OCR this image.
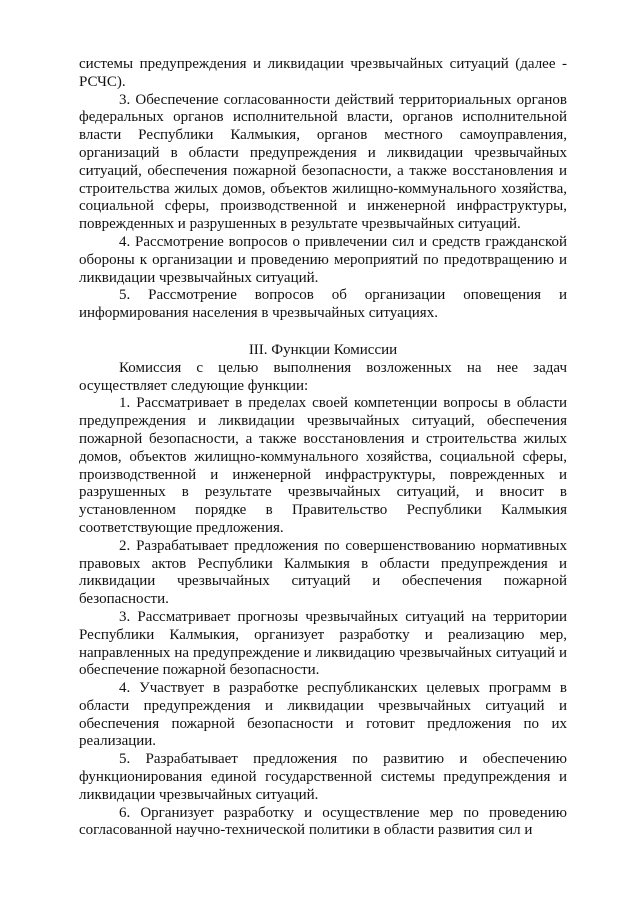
системы предупреждения и ликвидации чрезвычайных ситуаций (далее - РСЧС).

3. Обеспечение согласованности действий территориальных органов федеральных органов исполнительной власти, органов исполнительной власти Республики Калмыкия, органов местного самоуправления, организаций в области предупреждения и ликвидации чрезвычайных ситуаций, обеспечения пожарной безопасности, а также восстановления и строительства жилых домов, объектов жилищно-коммунального хозяйства, социальной сферы, производственной и инженерной инфраструктуры, поврежденных и разрушенных в результате чрезвычайных ситуаций.

4. Рассмотрение вопросов о привлечении сил и средств гражданской обороны к организации и проведению мероприятий по предотвращению и ликвидации чрезвычайных ситуаций.

5. Рассмотрение вопросов об организации оповещения и информирования населения в чрезвычайных ситуациях.

III. Функции Комиссии

Комиссия с целью выполнения возложенных на нее задач осуществляет следующие функции:

1. Рассматривает в пределах своей компетенции вопросы в области предупреждения и ликвидации чрезвычайных ситуаций, обеспечения пожарной безопасности, а также восстановления и строительства жилых домов, объектов жилищно-коммунального хозяйства, социальной сферы, производственной и инженерной инфраструктуры, поврежденных и разрушенных в результате чрезвычайных ситуаций, и вносит в установленном порядке в Правительство Республики Калмыкия соответствующие предложения.

2. Разрабатывает предложения по совершенствованию нормативных правовых актов Республики Калмыкия в области предупреждения и ликвидации чрезвычайных ситуаций и обеспечения пожарной безопасности.

3. Рассматривает прогнозы чрезвычайных ситуаций на территории Республики Калмыкия, организует разработку и реализацию мер, направленных на предупреждение и ликвидацию чрезвычайных ситуаций и обеспечение пожарной безопасности.

4. Участвует в разработке республиканских целевых программ в области предупреждения и ликвидации чрезвычайных ситуаций и обеспечения пожарной безопасности и готовит предложения по их реализации.

5. Разрабатывает предложения по развитию и обеспечению функционирования единой государственной системы предупреждения и ликвидации чрезвычайных ситуаций.

6. Организует разработку и осуществление мер по проведению согласованной научно-технической политики в области развития сил и
